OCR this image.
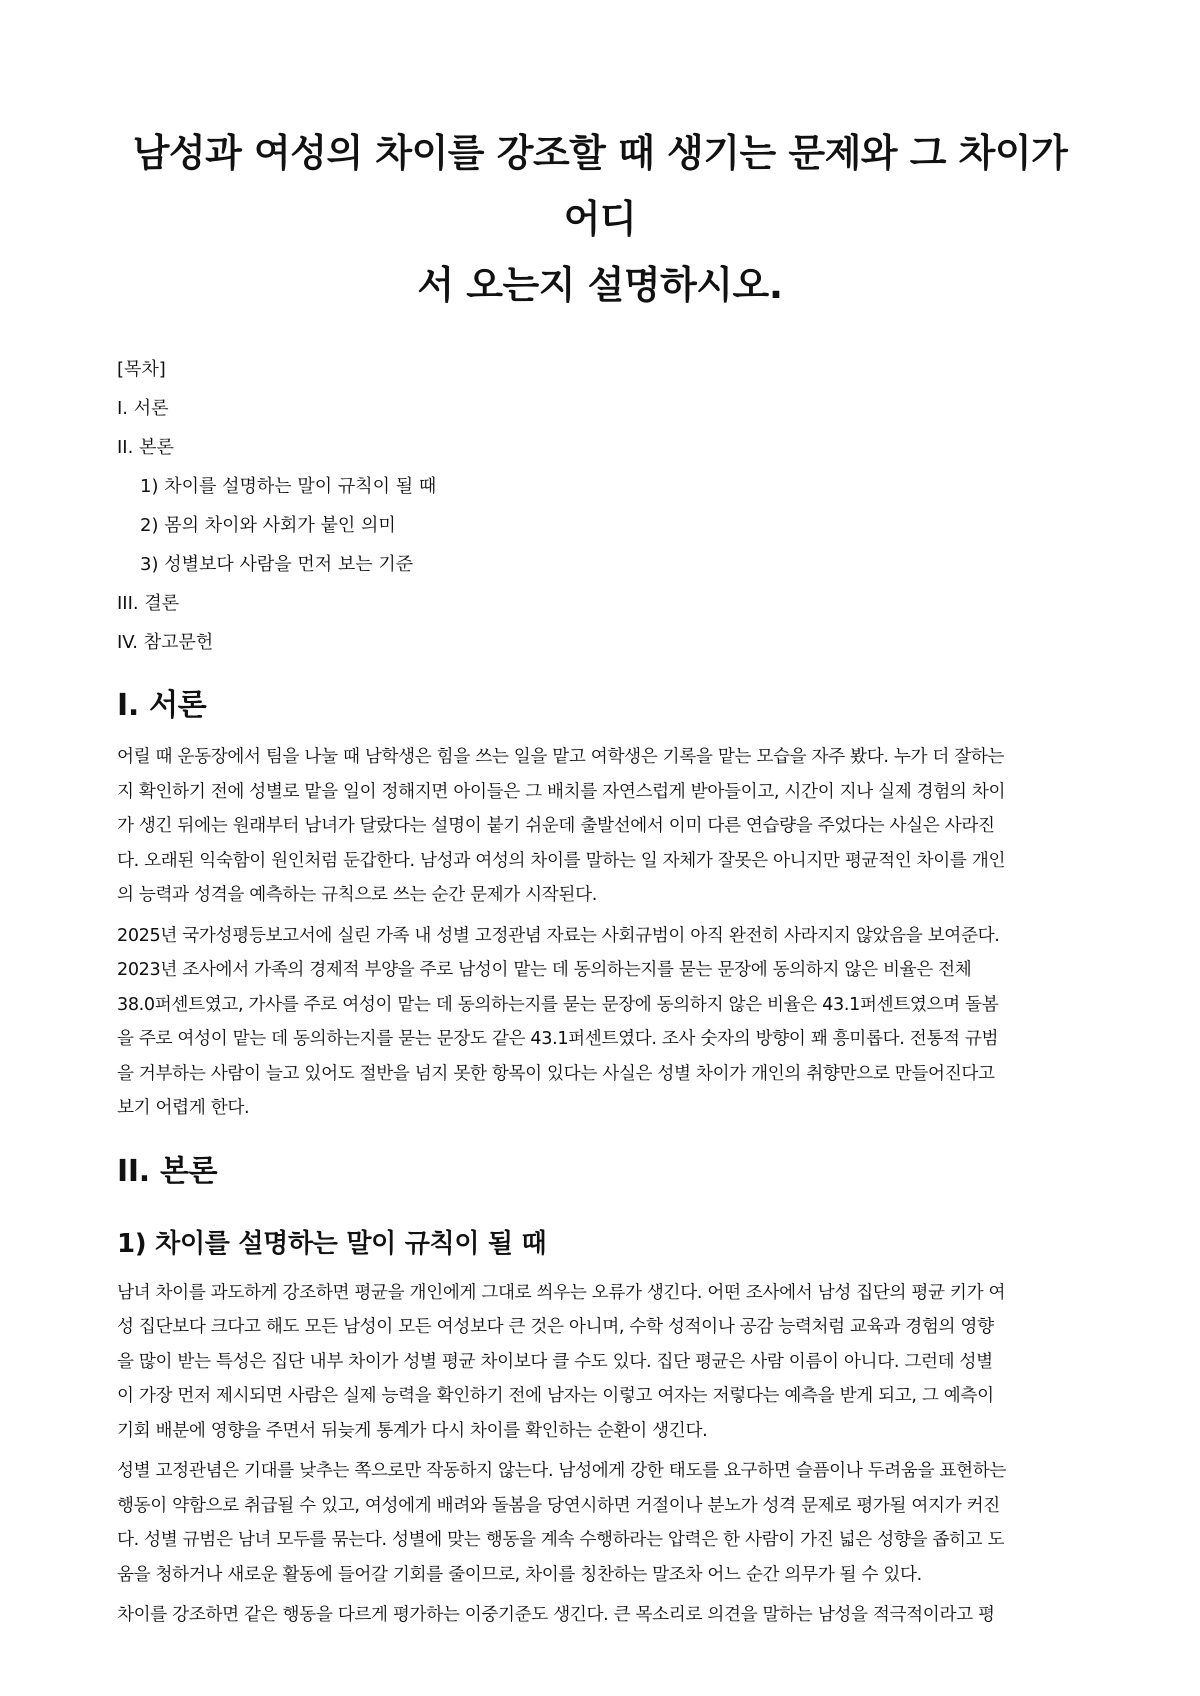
남성과 여성의 차이를 강조할 때 생기는 문제와 그 차이가 어디
서 오는지 설명하시오.
[목차]
I. 서론
II. 본론
1) 차이를 설명하는 말이 규칙이 될 때
2) 몸의 차이와 사회가 붙인 의미
3) 성별보다 사람을 먼저 보는 기준
III. 결론
IV. 참고문헌
I. 서론

어릴 때 운동장에서 팀을 나눌 때 남학생은 힘을 쓰는 일을 맡고 여학생은 기록을 맡는 모습을 자주 봤다. 누가 더 잘하는
지 확인하기 전에 성별로 맡을 일이 정해지면 아이들은 그 배치를 자연스럽게 받아들이고, 시간이 지나 실제 경험의 차이
가 생긴 뒤에는 원래부터 남녀가 달랐다는 설명이 붙기 쉬운데 출발선에서 이미 다른 연습량을 주었다는 사실은 사라진
다. 오래된 익숙함이 원인처럼 둔갑한다. 남성과 여성의 차이를 말하는 일 자체가 잘못은 아니지만 평균적인 차이를 개인
의 능력과 성격을 예측하는 규칙으로 쓰는 순간 문제가 시작된다.

2025년 국가성평등보고서에 실린 가족 내 성별 고정관념 자료는 사회규범이 아직 완전히 사라지지 않았음을 보여준다.
2023년 조사에서 가족의 경제적 부양을 주로 남성이 맡는 데 동의하는지를 묻는 문장에 동의하지 않은 비율은 전체
38.0퍼센트였고, 가사를 주로 여성이 맡는 데 동의하는지를 묻는 문장에 동의하지 않은 비율은 43.1퍼센트였으며 돌봄
을 주로 여성이 맡는 데 동의하는지를 묻는 문장도 같은 43.1퍼센트였다. 조사 숫자의 방향이 꽤 흥미롭다. 전통적 규범
을 거부하는 사람이 늘고 있어도 절반을 넘지 못한 항목이 있다는 사실은 성별 차이가 개인의 취향만으로 만들어진다고
보기 어렵게 한다.

II. 본론
1) 차이를 설명하는 말이 규칙이 될 때

남녀 차이를 과도하게 강조하면 평균을 개인에게 그대로 씌우는 오류가 생긴다. 어떤 조사에서 남성 집단의 평균 키가 여
성 집단보다 크다고 해도 모든 남성이 모든 여성보다 큰 것은 아니며, 수학 성적이나 공감 능력처럼 교육과 경험의 영향
을 많이 받는 특성은 집단 내부 차이가 성별 평균 차이보다 클 수도 있다. 집단 평균은 사람 이름이 아니다. 그런데 성별
이 가장 먼저 제시되면 사람은 실제 능력을 확인하기 전에 남자는 이렇고 여자는 저렇다는 예측을 받게 되고, 그 예측이
기회 배분에 영향을 주면서 뒤늦게 통계가 다시 차이를 확인하는 순환이 생긴다.

성별 고정관념은 기대를 낮추는 쪽으로만 작동하지 않는다. 남성에게 강한 태도를 요구하면 슬픔이나 두려움을 표현하는
행동이 약함으로 취급될 수 있고, 여성에게 배려와 돌봄을 당연시하면 거절이나 분노가 성격 문제로 평가될 여지가 커진
다. 성별 규범은 남녀 모두를 묶는다. 성별에 맞는 행동을 계속 수행하라는 압력은 한 사람이 가진 넓은 성향을 좁히고 도
움을 청하거나 새로운 활동에 들어갈 기회를 줄이므로, 차이를 칭찬하는 말조차 어느 순간 의무가 될 수 있다.

차이를 강조하면 같은 행동을 다르게 평가하는 이중기준도 생긴다. 큰 목소리로 의견을 말하는 남성을 적극적이라고 평
